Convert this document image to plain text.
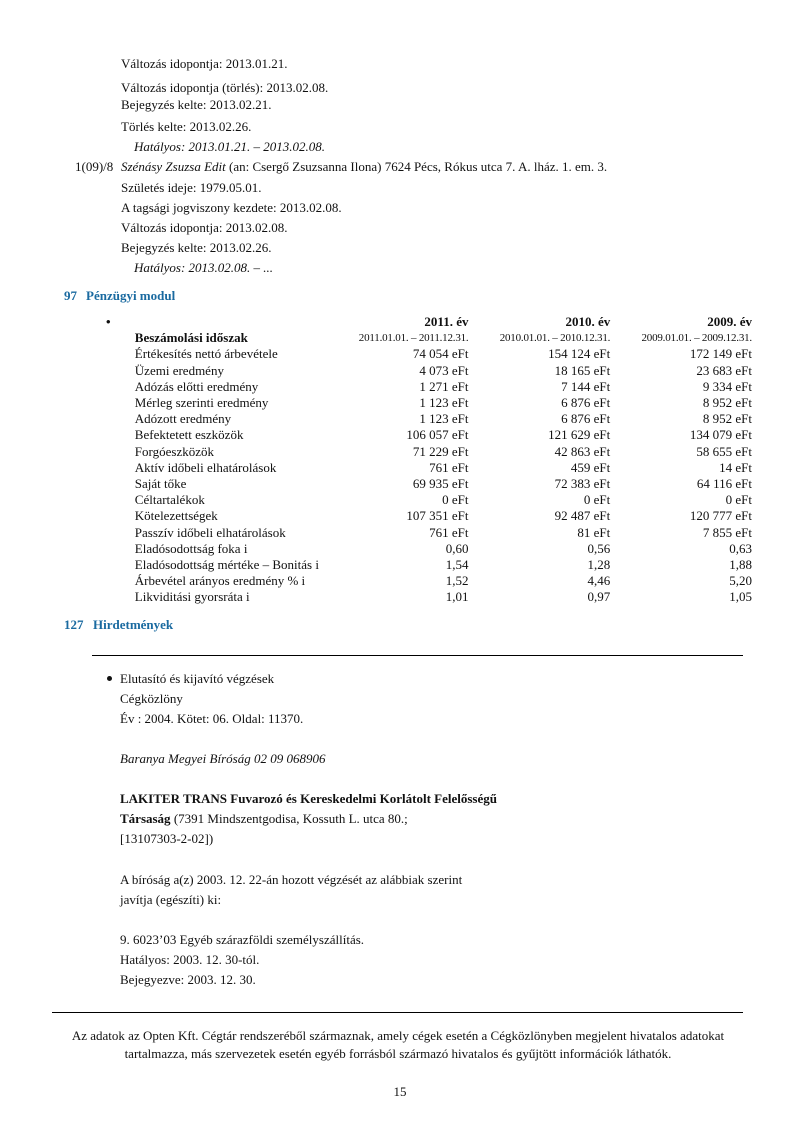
Változás idopontja: 2013.01.21.
Változás idopontja (törlés): 2013.02.08.
Bejegyzés kelte: 2013.02.21.
Törlés kelte: 2013.02.26.
Hatályos: 2013.01.21. – 2013.02.08.
1(09)/8 Szénásy Zsuzsa Edit (an: Csergő Zsuzsanna Ilona) 7624 Pécs, Rókus utca 7. A. lház. 1. em. 3.
Születés ideje: 1979.05.01.
A tagsági jogviszony kezdete: 2013.02.08.
Változás idopontja: 2013.02.08.
Bejegyzés kelte: 2013.02.26.
Hatályos: 2013.02.08. – ...
97 Pénzügyi modul
•		2011. év	2010. év	2009. év
	Beszámolási időszak	2011.01.01. – 2011.12.31.	2010.01.01. – 2010.12.31.	2009.01.01. – 2009.12.31.
	Értékesítés nettó árbevétele	74 054 eFt	154 124 eFt	172 149 eFt
	Üzemi eredmény	4 073 eFt	18 165 eFt	23 683 eFt
	Adózás előtti eredmény	1 271 eFt	7 144 eFt	9 334 eFt
	Mérleg szerinti eredmény	1 123 eFt	6 876 eFt	8 952 eFt
	Adózott eredmény	1 123 eFt	6 876 eFt	8 952 eFt
	Befektetett eszközök	106 057 eFt	121 629 eFt	134 079 eFt
	Forgóeszközök	71 229 eFt	42 863 eFt	58 655 eFt
	Aktív időbeli elhatárolások	761 eFt	459 eFt	14 eFt
	Saját tőke	69 935 eFt	72 383 eFt	64 116 eFt
	Céltartalékok	0 eFt	0 eFt	0 eFt
	Kötelezettségek	107 351 eFt	92 487 eFt	120 777 eFt
	Passzív időbeli elhatárolások	761 eFt	81 eFt	7 855 eFt
	Eladósodottság foka i	0,60	0,56	0,63
	Eladósodottság mértéke – Bonitás i	1,54	1,28	1,88
	Árbevétel arányos eredmény % i	1,52	4,46	5,20
	Likviditási gyorsráta i	1,01	0,97	1,05
127 Hirdetmények
Elutasító és kijavító végzések
Cégközlöny
Év : 2004. Kötet: 06. Oldal: 11370.
Baranya Megyei Bíróság 02 09 068906
LAKITER TRANS Fuvarozó és Kereskedelmi Korlátolt Felelősségű
Társaság (7391 Mindszentgodisa, Kossuth L. utca 80.;
[13107303-2-02])
A bíróság a(z) 2003. 12. 22-án hozott végzését az alábbiak szerint
javítja (egészíti) ki:
9. 6023’03 Egyéb szárazföldi személyszállítás.
Hatályos: 2003. 12. 30-tól.
Bejegyezve: 2003. 12. 30.
Az adatok az Opten Kft. Cégtár rendszeréből származnak, amely cégek esetén a Cégközlönyben megjelent hivatalos adatokat
tartalmazza, más szervezetek esetén egyéb forrásból származó hivatalos és gyűjtött információk láthatók.
15
